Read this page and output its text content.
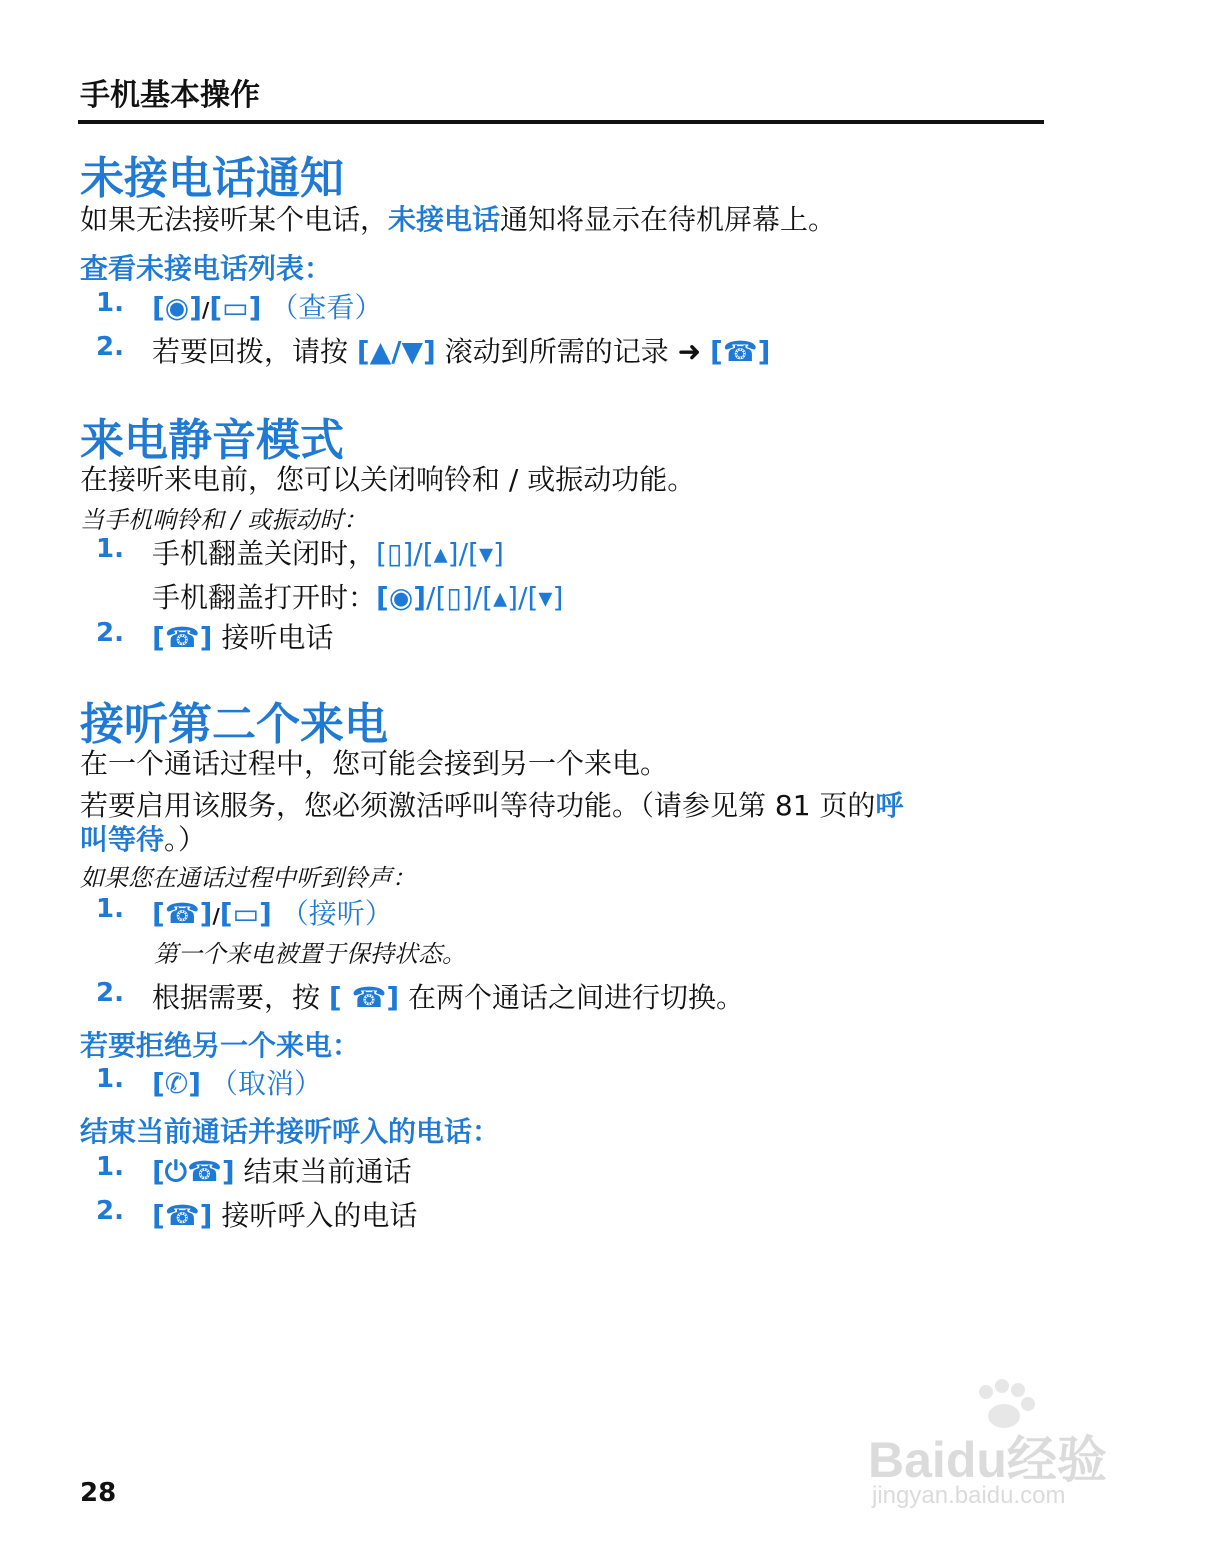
手机基本操作
未接电话通知
如果无法接听某个电话，未接电话通知将显示在待机屏幕上。
查看未接电话列表：
1. [◉]/[▭] （查看）
2. 若要回拨，请按 [▲/▼] 滚动到所需的记录 ➜ [☎]
来电静音模式
在接听来电前，您可以关闭响铃和 / 或振动功能。
当手机响铃和 / 或振动时：
1. 手机翻盖关闭时，[▯]/[▴]/[▾]
手机翻盖打开时：[◉]/[▯]/[▴]/[▾]
2. [☎] 接听电话
接听第二个来电
在一个通话过程中，您可能会接到另一个来电。
若要启用该服务，您必须激活呼叫等待功能。（请参见第 81 页的呼
叫等待。）
如果您在通话过程中听到铃声：
1. [☎]/[▭] （接听）
第一个来电被置于保持状态。
2. 根据需要，按 [ ☎] 在两个通话之间进行切换。
若要拒绝另一个来电：
1. [✆] （取消）
结束当前通话并接听呼入的电话：
1. [⏻☎] 结束当前通话
2. [☎] 接听呼入的电话
28
Baidu经验
jingyan.baidu.com
